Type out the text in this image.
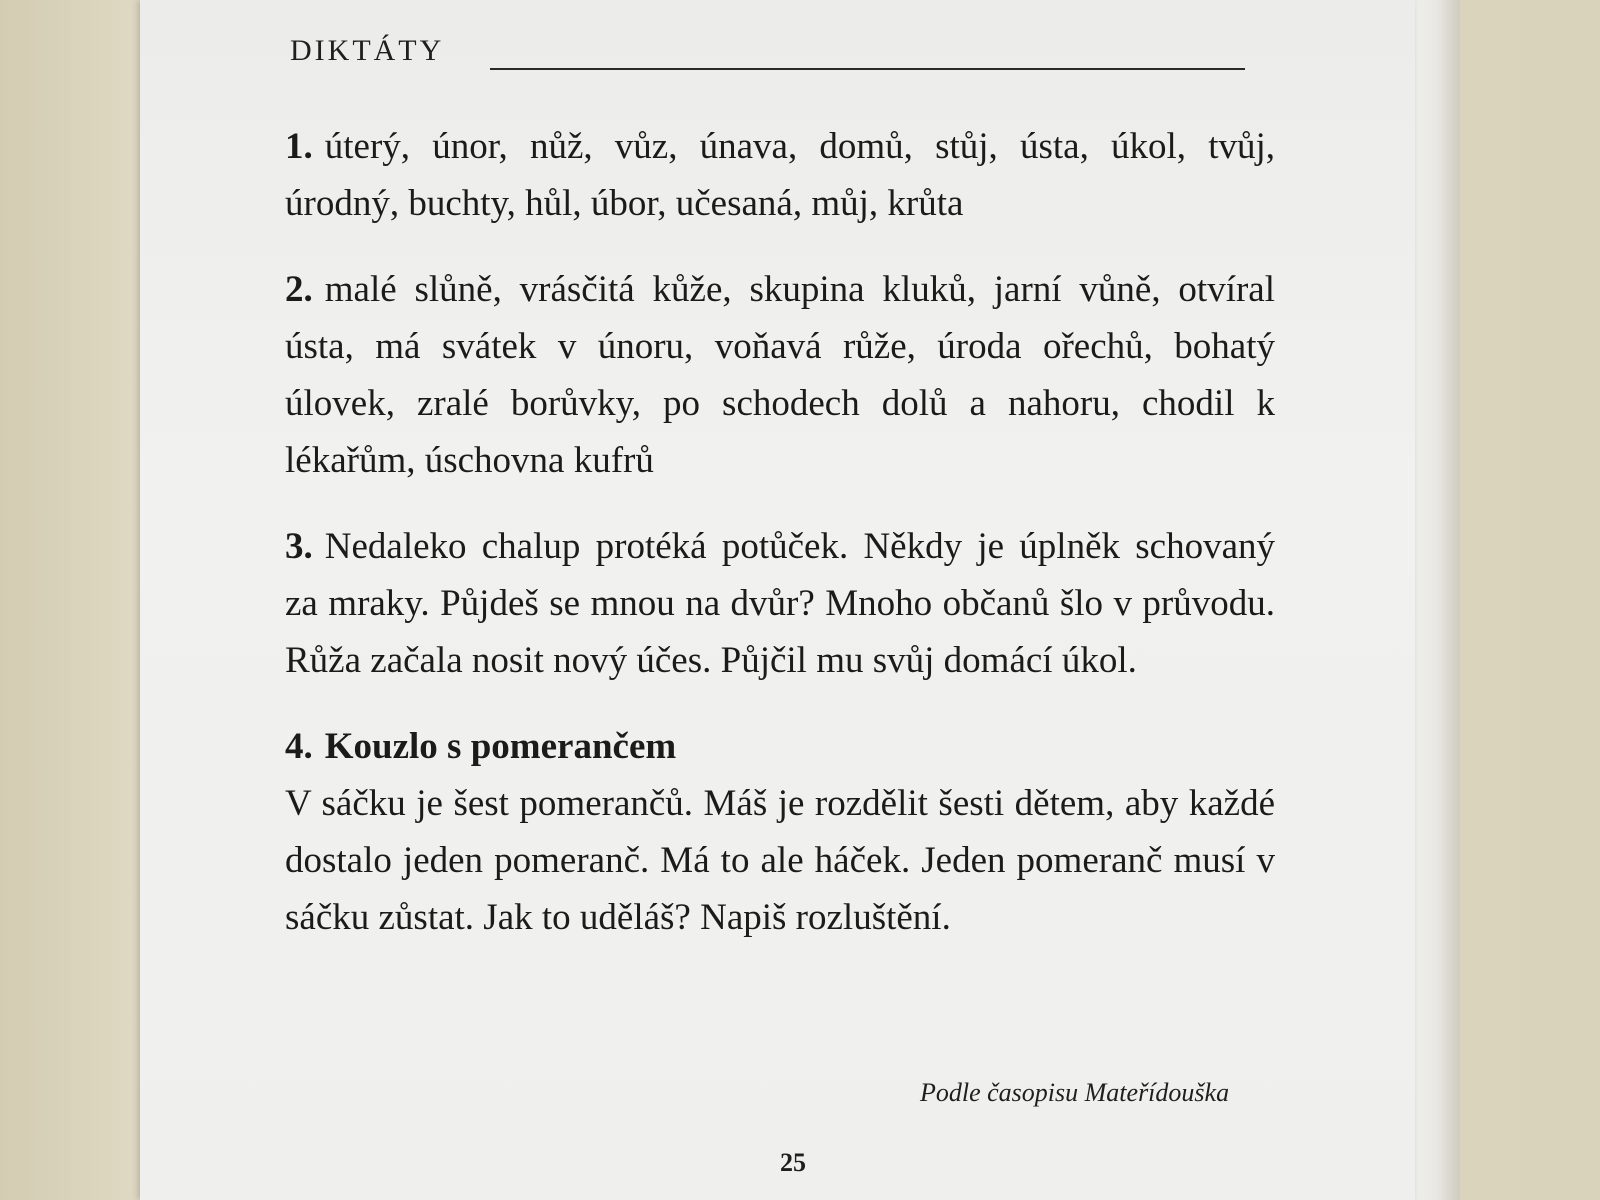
DIKTÁTY
1. úterý, únor, nůž, vůz, únava, domů, stůj, ústa, úkol, tvůj, úrodný, buchty, hůl, úbor, učesaná, můj, krůta
2. malé slůně, vrásčitá kůže, skupina kluků, jarní vůně, otvíral ústa, má svátek v únoru, voňavá růže, úroda ořechů, bohatý úlovek, zralé borůvky, po schodech dolů a nahoru, chodil k lékařům, úschovna kufrů
3. Nedaleko chalup protéká potůček. Někdy je úplněk schovaný za mraky. Půjdeš se mnou na dvůr? Mnoho občanů šlo v průvodu. Růža začala nosit nový účes. Půjčil mu svůj domácí úkol.
4. Kouzlo s pomerančem
V sáčku je šest pomerančů. Máš je rozdělit šesti dětem, aby každé dostalo jeden pomeranč. Má to ale háček. Jeden pomeranč musí v sáčku zůstat. Jak to uděláš? Napiš rozluštění.
Podle časopisu Mateřídouška
25
